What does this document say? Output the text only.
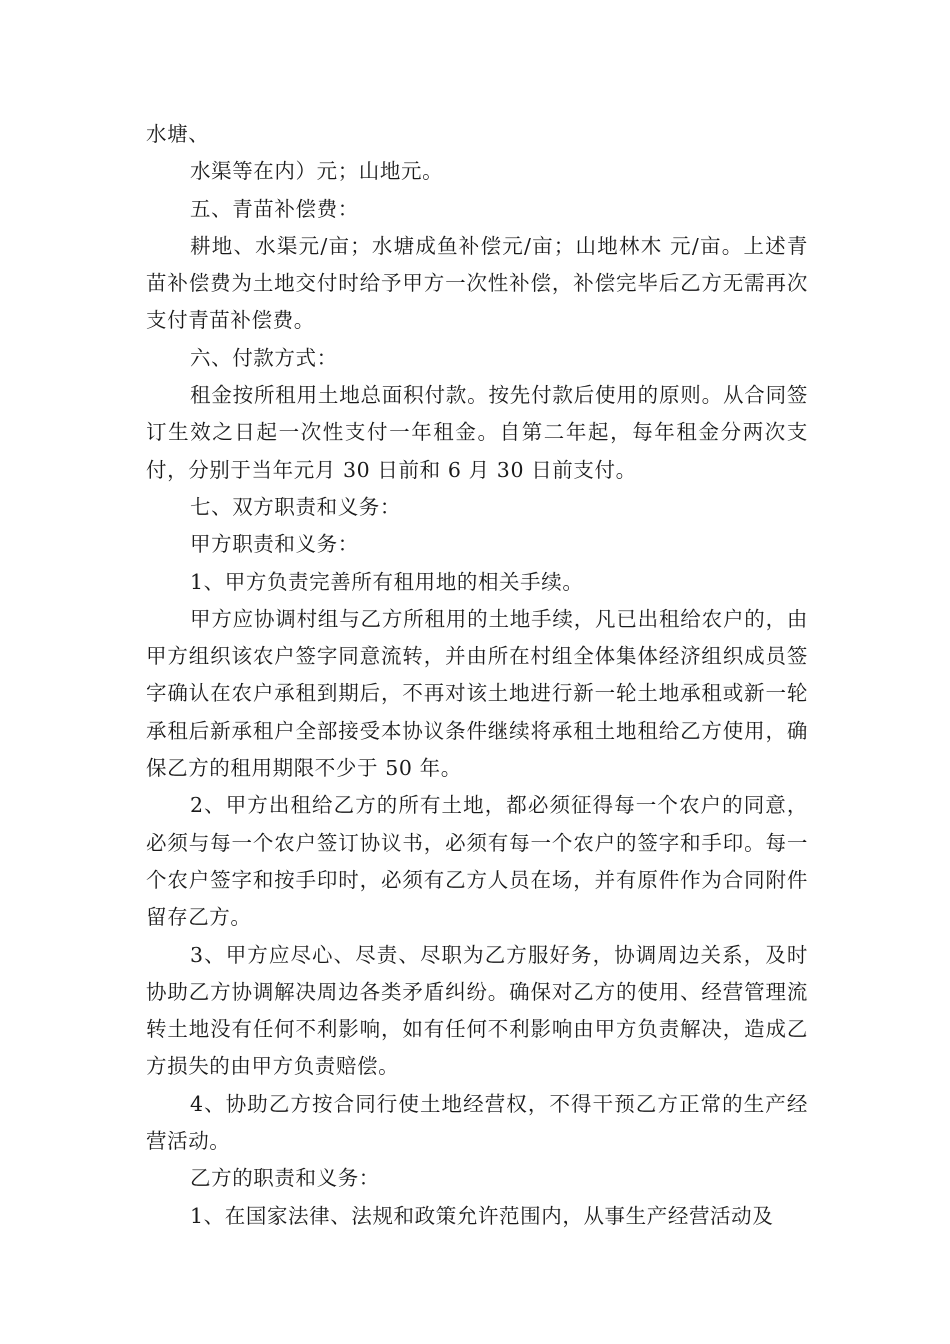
水塘、

水渠等在内）元；山地元。

五、青苗补偿费：

耕地、水渠元/亩；水塘成鱼补偿元/亩；山地林木 元/亩。上述青苗补偿费为土地交付时给予甲方一次性补偿，补偿完毕后乙方无需再次支付青苗补偿费。

六、付款方式：

租金按所租用土地总面积付款。按先付款后使用的原则。从合同签订生效之日起一次性支付一年租金。自第二年起，每年租金分两次支付，分别于当年元月 30 日前和 6 月 30 日前支付。

七、双方职责和义务：

甲方职责和义务：

1、甲方负责完善所有租用地的相关手续。

甲方应协调村组与乙方所租用的土地手续，凡已出租给农户的，由甲方组织该农户签字同意流转，并由所在村组全体集体经济组织成员签字确认在农户承租到期后，不再对该土地进行新一轮土地承租或新一轮承租后新承租户全部接受本协议条件继续将承租土地租给乙方使用，确保乙方的租用期限不少于 50 年。

2、甲方出租给乙方的所有土地，都必须征得每一个农户的同意，必须与每一个农户签订协议书，必须有每一个农户的签字和手印。每一个农户签字和按手印时，必须有乙方人员在场，并有原件作为合同附件留存乙方。

3、甲方应尽心、尽责、尽职为乙方服好务，协调周边关系，及时协助乙方协调解决周边各类矛盾纠纷。确保对乙方的使用、经营管理流转土地没有任何不利影响，如有任何不利影响由甲方负责解决，造成乙方损失的由甲方负责赔偿。

4、协助乙方按合同行使土地经营权，不得干预乙方正常的生产经营活动。

乙方的职责和义务：

1、在国家法律、法规和政策允许范围内，从事生产经营活动及
